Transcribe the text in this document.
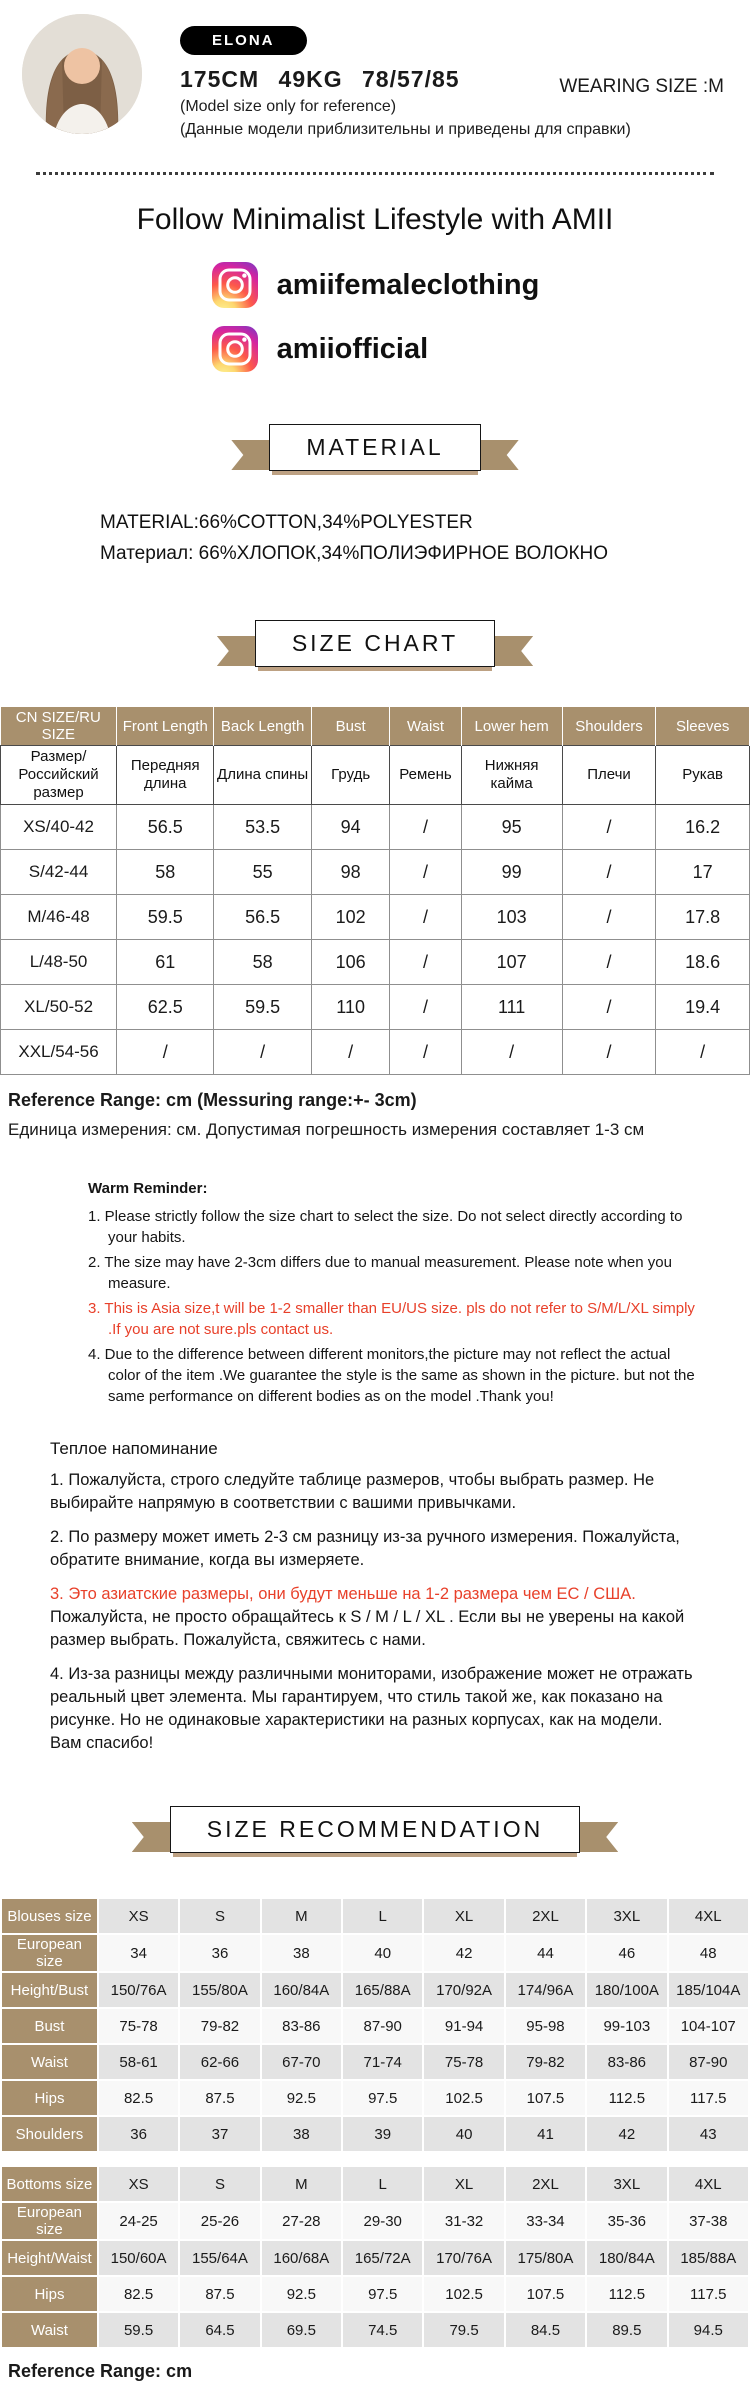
ELONA
175CM 49KG 78/57/85
(Model size only for reference)
(Данные модели приблизительны и приведены для справки)
WEARING SIZE :M
Follow Minimalist Lifestyle with AMII
amiifemaleclothing
amiiofficial
MATERIAL
MATERIAL:66%COTTON,34%POLYESTER
Материал: 66%ХЛОПОК,34%ПОЛИЭФИРНОЕ ВОЛОКНО
SIZE CHART
CN SIZE/RU SIZE	Front Length	Back Length	Bust	Waist	Lower hem	Shoulders	Sleeves
Размер/Российский размер	Передняя длина	Длина спины	Грудь	Ремень	Нижняя кайма	Плечи	Рукав
XS/40-42	56.5	53.5	94	/	95	/	16.2
S/42-44	58	55	98	/	99	/	17
M/46-48	59.5	56.5	102	/	103	/	17.8
L/48-50	61	58	106	/	107	/	18.6
XL/50-52	62.5	59.5	110	/	111	/	19.4
XXL/54-56	/	/	/	/	/	/	/
Reference Range: cm (Messuring range:+- 3cm)
Единица измерения: см. Допустимая погрешность измерения составляет 1-3 см
Warm Reminder:
1. Please strictly follow the size chart to select the size. Do not select directly according to your habits.
2. The size may have 2-3cm differs due to manual measurement. Please note when you measure.
3. This is Asia size,t will be 1-2 smaller than EU/US size. pls do not refer to S/M/L/XL simply .If you are not sure.pls contact us.
4. Due to the difference between different monitors,the picture may not reflect the actual color of the item .We guarantee the style is the same as shown in the picture. but not the same performance on different bodies as on the model .Thank you!
Теплое напоминание
1. Пожалуйста, строго следуйте таблице размеров, чтобы выбрать размер. Не выбирайте напрямую в соответствии с вашими привычками.
2. По размеру может иметь 2-3 см разницу из-за ручного измерения. Пожалуйста, обратите внимание, когда вы измеряете.
3. Это азиатские размеры, они будут меньше на 1-2 размера чем ЕС / США. Пожалуйста, не просто обращайтесь к S / M / L / XL . Если вы не уверены на какой размер выбрать. Пожалуйста, свяжитесь с нами.
4. Из-за разницы между различными мониторами, изображение может не отражать реальный цвет элемента. Мы гарантируем, что стиль такой же, как показано на рисунке. Но не одинаковые характеристики на разных корпусах, как на модели. Вам спасибо!
SIZE RECOMMENDATION
Blouses size	XS	S	M	L	XL	2XL	3XL	4XL
European size	34	36	38	40	42	44	46	48
Height/Bust	150/76A	155/80A	160/84A	165/88A	170/92A	174/96A	180/100A	185/104A
Bust	75-78	79-82	83-86	87-90	91-94	95-98	99-103	104-107
Waist	58-61	62-66	67-70	71-74	75-78	79-82	83-86	87-90
Hips	82.5	87.5	92.5	97.5	102.5	107.5	112.5	117.5
Shoulders	36	37	38	39	40	41	42	43
Bottoms size	XS	S	M	L	XL	2XL	3XL	4XL
European size	24-25	25-26	27-28	29-30	31-32	33-34	35-36	37-38
Height/Waist	150/60A	155/64A	160/68A	165/72A	170/76A	175/80A	180/84A	185/88A
Hips	82.5	87.5	92.5	97.5	102.5	107.5	112.5	117.5
Waist	59.5	64.5	69.5	74.5	79.5	84.5	89.5	94.5
Reference Range: cm
